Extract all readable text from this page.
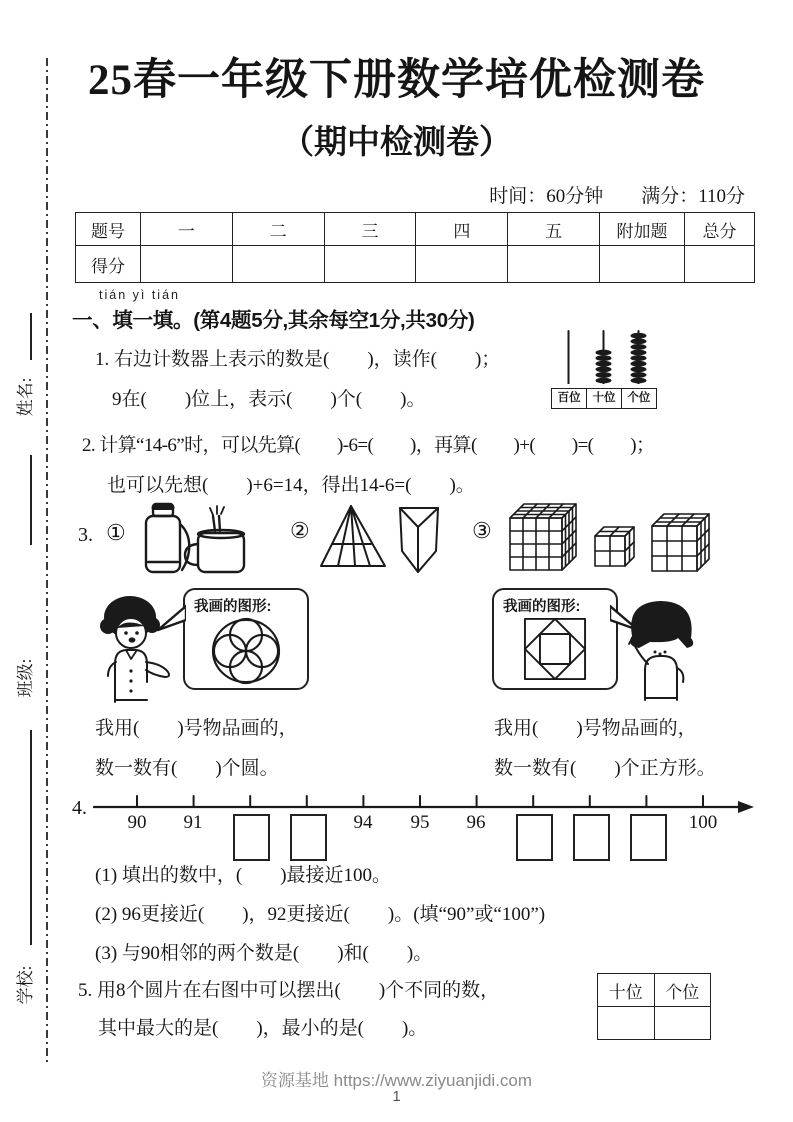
姓名:
班级:
学校:
25春一年级下册数学培优检测卷
（期中检测卷）
时间：60分钟　　满分：110分
题号	一	二	三	四	五	附加题	总分
得分							
tián yì tián
一、填一填。(第4题5分,其余每空1分,共30分)
1. 右边计数器上表示的数是(　　)，读作(　　)；
9在(　　)位上，表示(　　)个(　　)。	百位	十位	个位
2. 计算“14-6”时，可以先算(　　)-6=(　　)，再算(　　)+(　　)=(　　)；
也可以先想(　　)+6=14，得出14-6=(　　)。
3. ①	②	③
我画的图形:	我画的图形:
我用(　　)号物品画的，
数一数有(　　)个圆。
我用(　　)号物品画的，
数一数有(　　)个正方形。
4.
90	91	94	95	96	100
(1) 填出的数中，(　　)最接近100。
(2) 96更接近(　　)，92更接近(　　)。(填“90”或“100”)
(3) 与90相邻的两个数是(　　)和(　　)。
5. 用8个圆片在右图中可以摆出(　　)个不同的数，
其中最大的是(　　)，最小的是(　　)。
十位	个位

资源基地 https://www.ziyuanjidi.com
1
